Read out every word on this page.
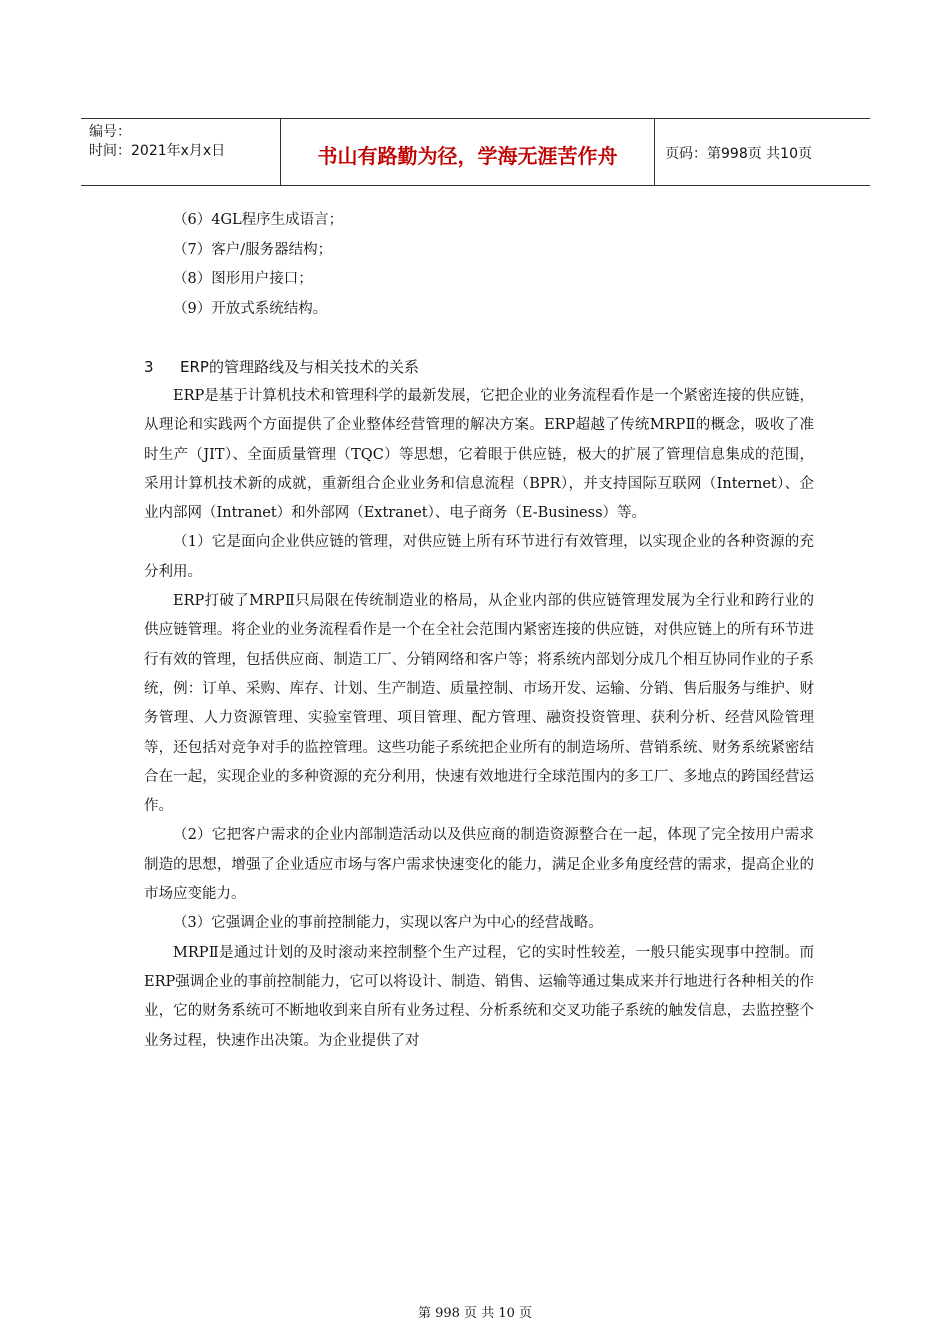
编号：
时间：2021年x月x日	书山有路勤为径，学海无涯苦作舟	页码：第998页 共10页
（6）4GL程序生成语言；
（7）客户/服务器结构；
（8）图形用户接口；
（9）开放式系统结构。
3 ERP的管理路线及与相关技术的关系

ERP是基于计算机技术和管理科学的最新发展，它把企业的业务流程看作是一个紧密连接的供应链，从理论和实践两个方面提供了企业整体经营管理的解决方案。ERP超越了传统MRPⅡ的概念，吸收了准时生产（JIT）、全面质量管理（TQC）等思想，它着眼于供应链，极大的扩展了管理信息集成的范围，采用计算机技术新的成就，重新组合企业业务和信息流程（BPR），并支持国际互联网（Internet）、企业内部网（Intranet）和外部网（Extranet）、电子商务（E-Business）等。

（1）它是面向企业供应链的管理，对供应链上所有环节进行有效管理，以实现企业的各种资源的充分利用。

ERP打破了MRPⅡ只局限在传统制造业的格局，从企业内部的供应链管理发展为全行业和跨行业的供应链管理。将企业的业务流程看作是一个在全社会范围内紧密连接的供应链，对供应链上的所有环节进行有效的管理，包括供应商、制造工厂、分销网络和客户等；将系统内部划分成几个相互协同作业的子系统，例：订单、采购、库存、计划、生产制造、质量控制、市场开发、运输、分销、售后服务与维护、财务管理、人力资源管理、实验室管理、项目管理、配方管理、融资投资管理、获利分析、经营风险管理等，还包括对竞争对手的监控管理。这些功能子系统把企业所有的制造场所、营销系统、财务系统紧密结合在一起，实现企业的多种资源的充分利用，快速有效地进行全球范围内的多工厂、多地点的跨国经营运作。

（2）它把客户需求的企业内部制造活动以及供应商的制造资源整合在一起，体现了完全按用户需求制造的思想，增强了企业适应市场与客户需求快速变化的能力，满足企业多角度经营的需求，提高企业的市场应变能力。

（3）它强调企业的事前控制能力，实现以客户为中心的经营战略。

MRPⅡ是通过计划的及时滚动来控制整个生产过程，它的实时性较差，一般只能实现事中控制。而ERP强调企业的事前控制能力，它可以将设计、制造、销售、运输等通过集成来并行地进行各种相关的作业，它的财务系统可不断地收到来自所有业务过程、分析系统和交叉功能子系统的触发信息，去监控整个业务过程，快速作出决策。为企业提供了对

第 998 页 共 10 页
